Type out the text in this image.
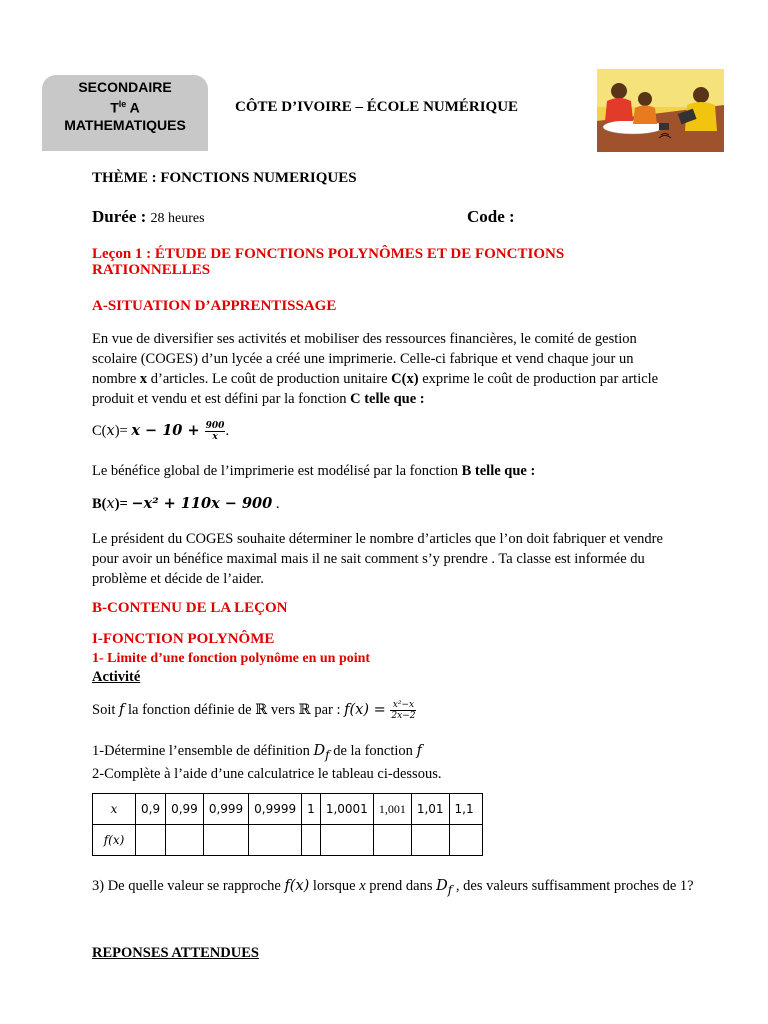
SECONDAIRE
$T^{le}$ A
MATHEMATIQUES
CÔTE D’IVOIRE – ÉCOLE NUMÉRIQUE
THÈME : FONCTIONS NUMERIQUES
Durée : 28 heures	Code :
Leçon 1 : ÉTUDE DE FONCTIONS POLYNÔMES ET DE FONCTIONS RATIONNELLES
A-SITUATION D’APPRENTISSAGE
En vue de diversifier ses activités et mobiliser des ressources financières, le comité de gestion scolaire (COGES) d’un lycée a créé une imprimerie. Celle-ci fabrique et vend chaque jour un nombre x d’articles. Le coût de production unitaire C(x) exprime le coût de production par article produit et vendu et est défini par la fonction C telle que :
$C(x)= x - 10 + \frac{900}{x}$ .
Le bénéfice global de l’imprimerie est modélisé par la fonction B telle que :
B(x)= −x² + 110x − 900 .
Le président du COGES souhaite déterminer le nombre d’articles que l’on doit fabriquer et vendre pour avoir un bénéfice maximal mais il ne sait comment s’y prendre . Ta classe est informée du problème et décide de l’aider.
B-CONTENU DE LA LEÇON
I-FONCTION POLYNÔME
1- Limite d’une fonction polynôme en un point
Activité
Soit f la fonction définie de ℝ vers ℝ par : $f(x) = \frac{\text{x²−x}}{2x-2}$
1-Détermine l’ensemble de définition $D_f$ de la fonction f
2-Complète à l’aide d’une calculatrice le tableau ci-dessous.
x	0,9	0,99	0,999	0,9999	1	1,0001	1,001	1,01	1,1
f(x)									
3) De quelle valeur se rapproche f(x) lorsque x prend dans $D_f$ , des valeurs suffisamment proches de 1?
REPONSES ATTENDUES
